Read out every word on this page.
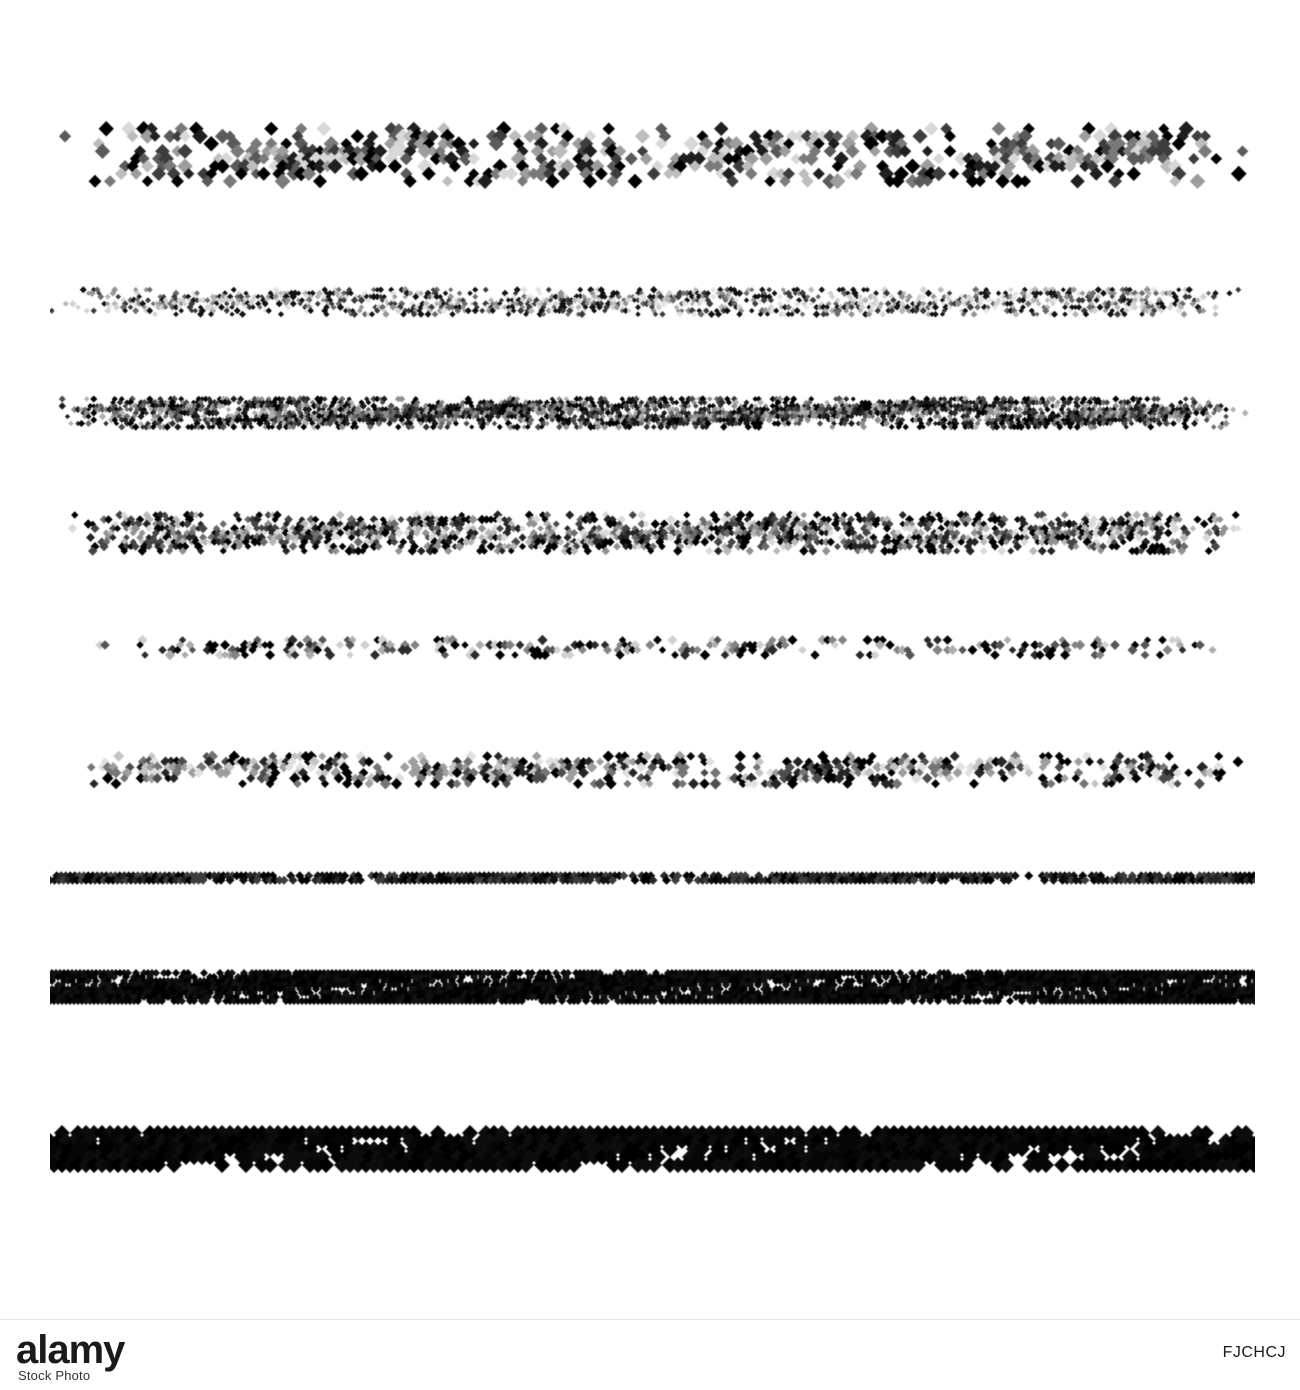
alamy
Stock Photo
FJCHCJ
